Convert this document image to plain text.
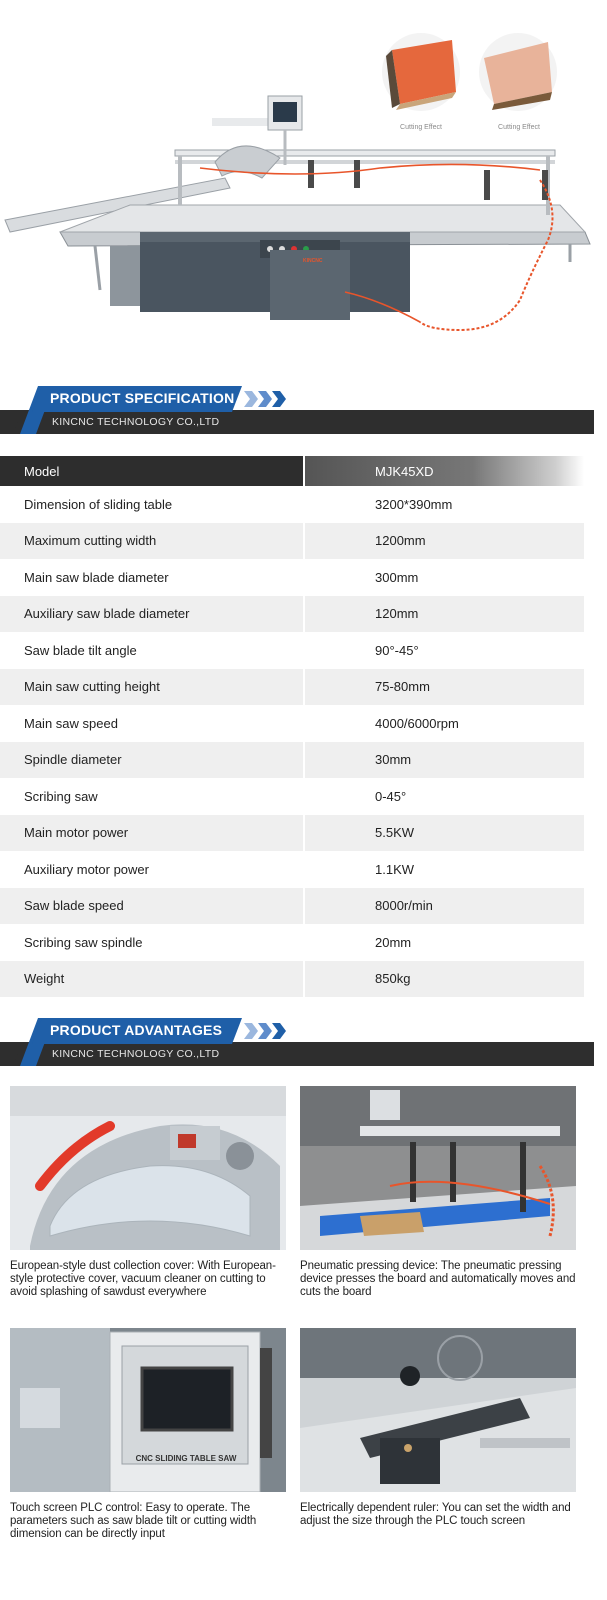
Cutting Effect	Cutting Effect
KINCNC
PRODUCT SPECIFICATION
KINCNC TECHNOLOGY CO.,LTD
Model	MJK45XD
Dimension of sliding table	3200*390mm
Maximum cutting width	1200mm
Main saw blade diameter	300mm
Auxiliary saw blade diameter	120mm
Saw blade tilt angle	90°-45°
Main saw cutting height	75-80mm
Main saw speed	4000/6000rpm
Spindle diameter	30mm
Scribing saw	0-45°
Main motor power	5.5KW
Auxiliary motor power	1.1KW
Saw blade speed	8000r/min
Scribing saw spindle	20mm
Weight	850kg
PRODUCT ADVANTAGES
KINCNC TECHNOLOGY CO.,LTD
European-style dust collection cover: With European-style protective cover, vacuum cleaner on cutting to avoid splashing of sawdust everywhere
Pneumatic pressing device: The pneumatic pressing device presses the board and automatically moves and cuts the board
CNC SLIDING TABLE SAW
Touch screen PLC control: Easy to operate. The parameters such as saw blade tilt or cutting width dimension can be directly input
Electrically dependent ruler: You can set the width and adjust the size through the PLC touch screen
